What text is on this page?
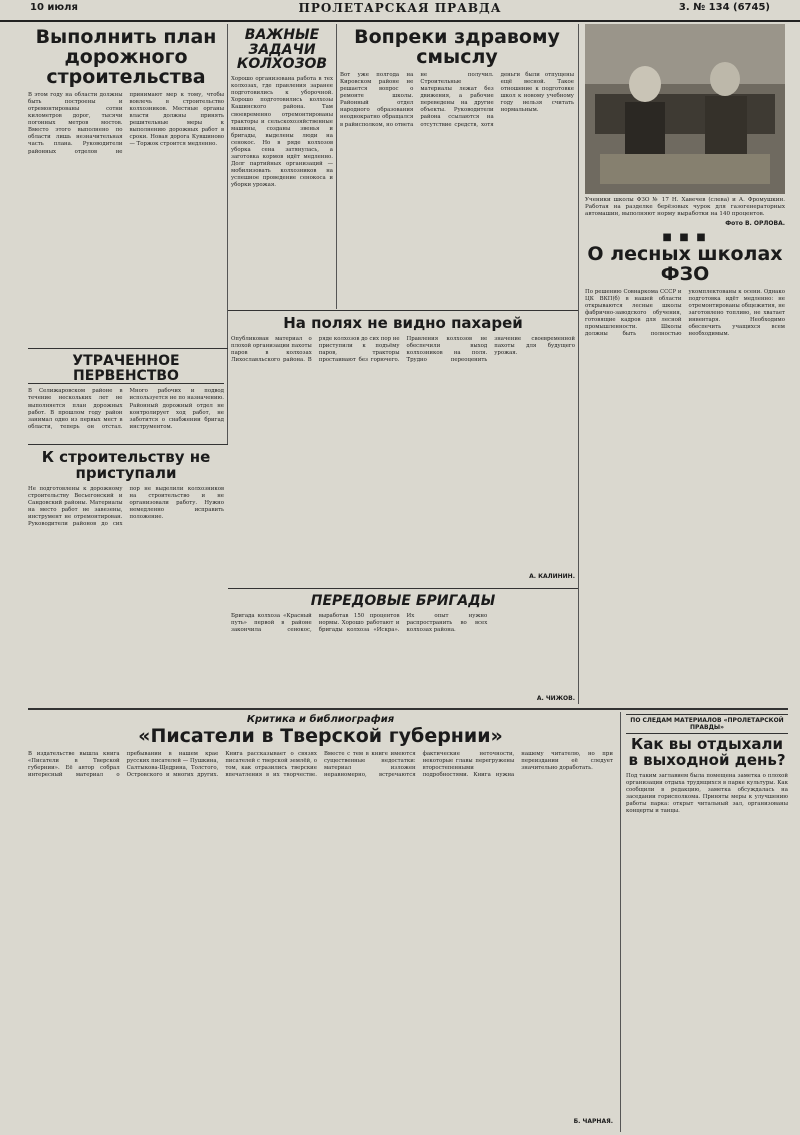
10 июля	ПРОЛЕТАРСКАЯ ПРАВДА	3. № 134 (6745)
Выполнить план дорожного строительства
В этом году на области должны быть построены и отремонтированы сотни километров дорог, тысячи погонных метров мостов. Вместо этого выполнено по области лишь незначительная часть плана. Руководители районных отделов не принимают мер к тому, чтобы вовлечь в строительство колхозников. Местные органы власти должны принять решительные меры к выполнению дорожных работ в сроки. Новая дорога Кувшиново — Торжок строится медленно.
ВАЖНЫЕ ЗАДАЧИ КОЛХОЗОВ
Хорошо организована работа в тех колхозах, где правления заранее подготовились к уборочной. Хорошо подготовились колхозы Кашинского района. Там своевременно отремонтированы тракторы и сельскохозяйственные машины, созданы звенья и бригады, выделены люди на сенокос. Но в ряде колхозов уборка сена затянулась, а заготовка кормов идёт медленно. Долг партийных организаций — мобилизовать колхозников на успешное проведение сенокоса и уборки урожая.
Вопреки здравому смыслу
Вот уже полгода на Кировском районе не решается вопрос о ремонте школы. Районный отдел народного образования неоднократно обращался в райисполком, но ответа не получил. Строительные материалы лежат без движения, а рабочие переведены на другие объекты. Руководители района ссылаются на отсутствие средств, хотя деньги были отпущены ещё весной. Такое отношение к подготовке школ к новому учебному году нельзя считать нормальным.
Ученики школы ФЗО № 17 Н. Хавечев (слева) и А. Фромушкин. Работая на разделке берёзовых чурок для газогенераторных автомашин, выполняют норму выработки на 140 процентов.
Фото В. ОРЛОВА.
■ ■ ■
О лесных школах ФЗО
По решению Совнаркома СССР и ЦК ВКП(б) в нашей области открываются лесные школы фабрично-заводского обучения, готовящие кадров для лесной промышленности. Школы должны быть полностью укомплектованы к осени. Однако подготовка идёт медленно: не отремонтированы общежития, не заготовлено топливо, не хватает инвентаря. Необходимо обеспечить учащихся всем необходимым.
УТРАЧЕННОЕ ПЕРВЕНСТВО
В Селижаровском районе в течение нескольких лет не выполняется план дорожных работ. В прошлом году район занимал одно из первых мест в области, теперь он отстал. Много рабочих и подвод используется не по назначению. Районный дорожный отдел не контролирует ход работ, не заботится о снабжении бригад инструментом.
К строительству не приступали
Не подготовлены к дорожному строительству Весьегонский и Сандовский районы. Материалы на место работ не завезены, инструмент не отремонтирован. Руководители районов до сих пор не выделили колхозников на строительство и не организовали работу. Нужно немедленно исправить положение.
На полях не видно пахарей
Опубликован материал о плохой организации пахоты паров в колхозах Лихославльского района. В ряде колхозов до сих пор не приступили к подъёму паров, тракторы простаивают без горючего. Правления колхозов не обеспечили выход колхозников на поля. Трудно переоценить значение своевременной пахоты для будущего урожая.
А. КАЛИНИН.
ПЕРЕДОВЫЕ БРИГАДЫ
Бригада колхоза «Красный путь» первой в районе закончила сенокос, выработав 150 процентов нормы. Хорошо работают и бригады колхоза «Искра». Их опыт нужно распространить во всех колхозах района.
А. ЧИЖОВ.
Критика и библиография
«Писатели в Тверской губернии»
В издательстве вышла книга «Писатели в Тверской губернии». Её автор собрал интересный материал о пребывании в нашем крае русских писателей — Пушкина, Салтыкова-Щедрина, Толстого, Островского и многих других. Книга рассказывает о связях писателей с тверской землёй, о том, как отразились тверские впечатления в их творчестве. Вместе с тем в книге имеются существенные недостатки: материал изложен неравномерно, встречаются фактические неточности, некоторые главы перегружены второстепенными подробностями. Книга нужна нашему читателю, но при переиздании её следует значительно доработать.
Б. ЧАРНАЯ.
ПО СЛЕДАМ МАТЕРИАЛОВ «ПРОЛЕТАРСКОЙ ПРАВДЫ»
Как вы отдыхали в выходной день?
Под таким заглавием была помещена заметка о плохой организации отдыха трудящихся в парке культуры. Как сообщили в редакцию, заметка обсуждалась на заседании горисполкома. Приняты меры к улучшению работы парка: открыт читальный зал, организованы концерты и танцы.
